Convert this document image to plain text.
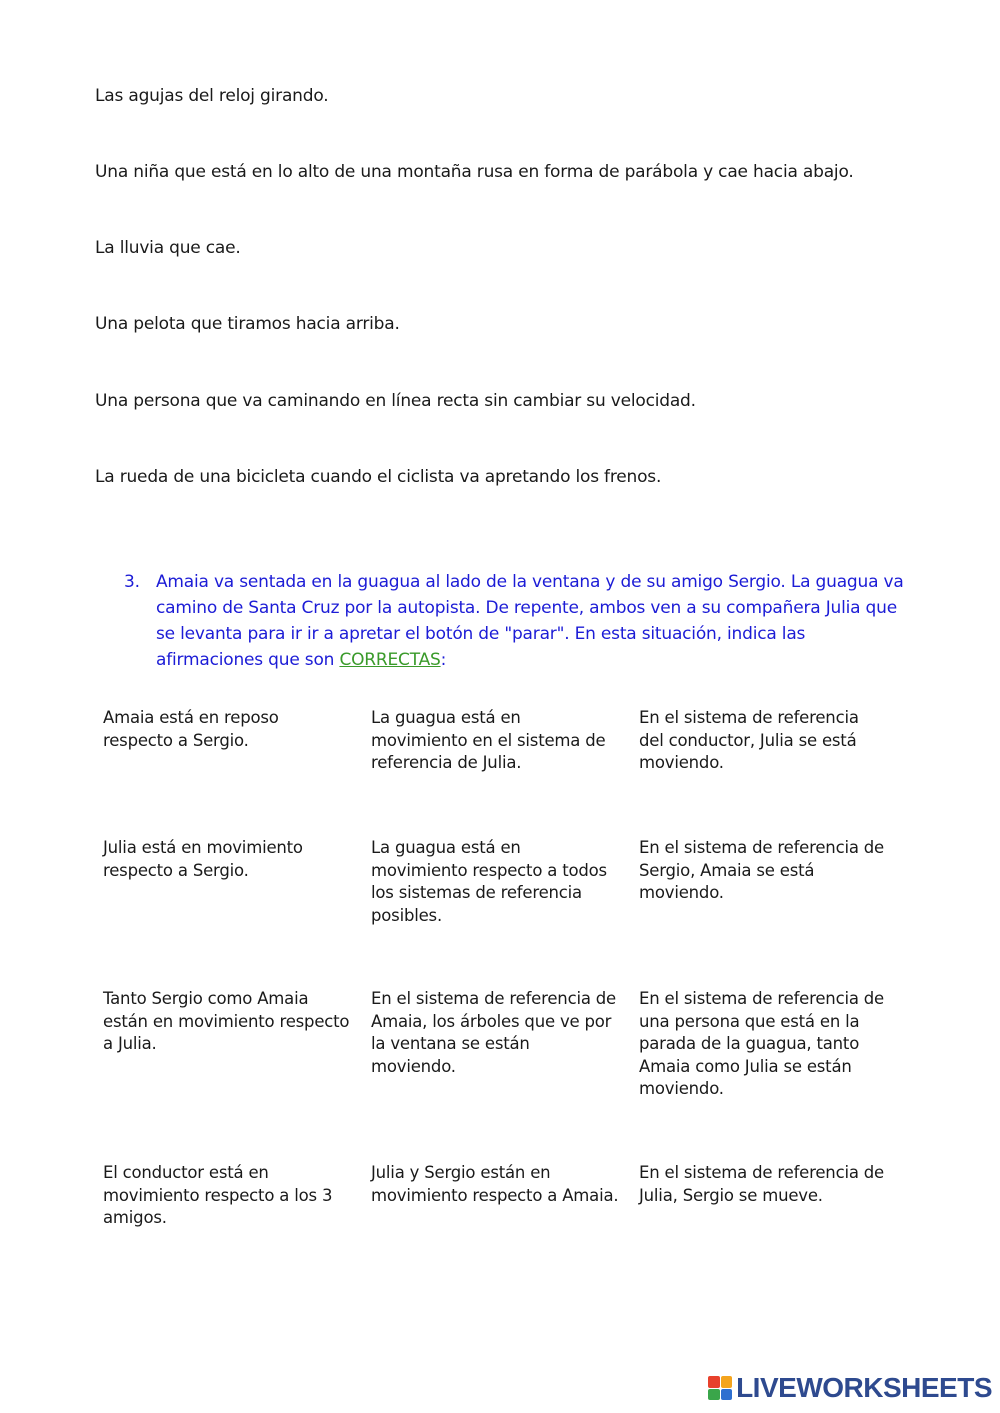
Las agujas del reloj girando.
Una niña que está en lo alto de una montaña rusa en forma de parábola y cae hacia abajo.
La lluvia que cae.
Una pelota que tiramos hacia arriba.
Una persona que va caminando en línea recta sin cambiar su velocidad.
La rueda de una bicicleta cuando el ciclista va apretando los frenos.
3. Amaia va sentada en la guagua al lado de la ventana y de su amigo Sergio. La guagua va camino de Santa Cruz por la autopista. De repente, ambos ven a su compañera Julia que se levanta para ir ir a apretar el botón de "parar". En esta situación, indica las afirmaciones que son CORRECTAS:
Amaia está en reposo respecto a Sergio.
La guagua está en movimiento en el sistema de referencia de Julia.
En el sistema de referencia del conductor, Julia se está moviendo.
Julia está en movimiento respecto a Sergio.
La guagua está en movimiento respecto a todos los sistemas de referencia posibles.
En el sistema de referencia de Sergio, Amaia se está moviendo.
Tanto Sergio como Amaia están en movimiento respecto a Julia.
En el sistema de referencia de Amaia, los árboles que ve por la ventana se están moviendo.
En el sistema de referencia de una persona que está en la parada de la guagua, tanto Amaia como Julia se están moviendo.
El conductor está en movimiento respecto a los 3 amigos.
Julia y Sergio están en movimiento respecto a Amaia.
En el sistema de referencia de Julia, Sergio se mueve.
LIVEWORKSHEETS
